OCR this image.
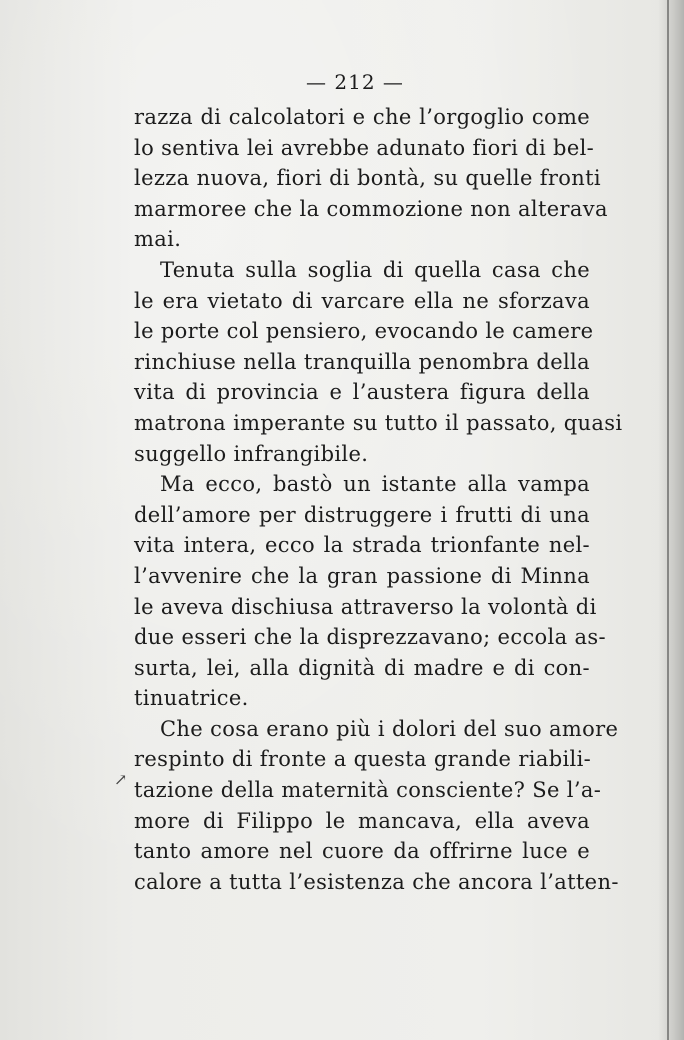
— 212 —
↗
razza di calcolatori e che l’orgoglio come
lo sentiva lei avrebbe adunato fiori di bel-
lezza nuova, fiori di bontà, su quelle fronti
marmoree che la commozione non alterava
mai.
Tenuta sulla soglia di quella casa che
le era vietato di varcare ella ne sforzava
le porte col pensiero, evocando le camere
rinchiuse nella tranquilla penombra della
vita di provincia e l’austera figura della
matrona imperante su tutto il passato, quasi
suggello infrangibile.
Ma ecco, bastò un istante alla vampa
dell’amore per distruggere i frutti di una
vita intera, ecco la strada trionfante nel-
l’avvenire che la gran passione di Minna
le aveva dischiusa attraverso la volontà di
due esseri che la disprezzavano; eccola as-
surta, lei, alla dignità di madre e di con-
tinuatrice.
Che cosa erano più i dolori del suo amore
respinto di fronte a questa grande riabili-
tazione della maternità consciente? Se l’a-
more di Filippo le mancava, ella aveva
tanto amore nel cuore da offrirne luce e
calore a tutta l’esistenza che ancora l’atten-
